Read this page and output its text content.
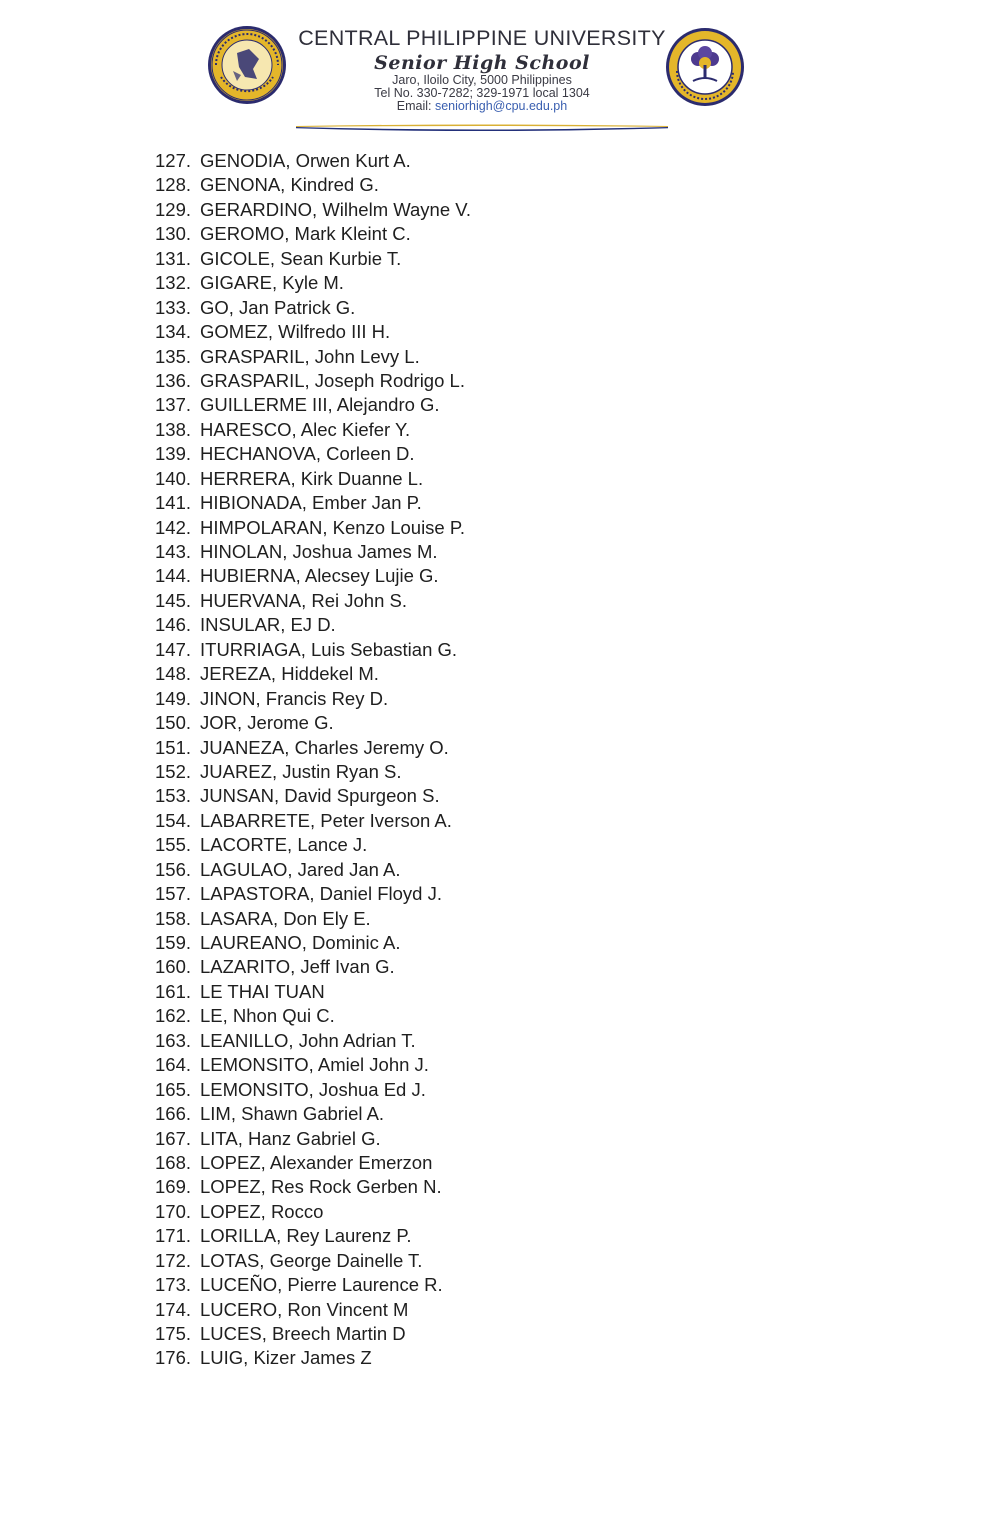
CENTRAL PHILIPPINE UNIVERSITY
Senior High School
Jaro, Iloilo City, 5000 Philippines
Tel No. 330-7282; 329-1971 local 1304
Email: seniorhigh@cpu.edu.ph
127. GENODIA, Orwen Kurt A.
128. GENONA, Kindred G.
129. GERARDINO, Wilhelm Wayne V.
130. GEROMO, Mark Kleint C.
131. GICOLE, Sean Kurbie T.
132. GIGARE, Kyle M.
133. GO, Jan Patrick G.
134. GOMEZ, Wilfredo III H.
135. GRASPARIL, John Levy L.
136. GRASPARIL, Joseph Rodrigo L.
137. GUILLERME III, Alejandro G.
138. HARESCO, Alec Kiefer Y.
139. HECHANOVA, Corleen D.
140. HERRERA, Kirk Duanne L.
141. HIBIONADA, Ember Jan P.
142. HIMPOLARAN, Kenzo Louise P.
143. HINOLAN, Joshua James M.
144. HUBIERNA, Alecsey Lujie G.
145. HUERVANA, Rei John S.
146. INSULAR, EJ D.
147. ITURRIAGA, Luis Sebastian G.
148. JEREZA, Hiddekel M.
149. JINON, Francis Rey D.
150. JOR, Jerome G.
151. JUANEZA, Charles Jeremy O.
152. JUAREZ, Justin Ryan S.
153. JUNSAN, David Spurgeon S.
154. LABARRETE, Peter Iverson A.
155. LACORTE, Lance J.
156. LAGULAO, Jared Jan A.
157. LAPASTORA, Daniel Floyd J.
158. LASARA, Don Ely E.
159. LAUREANO, Dominic A.
160. LAZARITO, Jeff Ivan G.
161. LE THAI TUAN
162. LE, Nhon Qui C.
163. LEANILLO, John Adrian T.
164. LEMONSITO, Amiel John J.
165. LEMONSITO, Joshua Ed J.
166. LIM, Shawn Gabriel A.
167. LITA, Hanz Gabriel G.
168. LOPEZ, Alexander Emerzon
169. LOPEZ, Res Rock Gerben N.
170. LOPEZ, Rocco
171. LORILLA, Rey Laurenz P.
172. LOTAS, George Dainelle T.
173. LUCEÑO, Pierre Laurence R.
174. LUCERO, Ron Vincent M
175. LUCES, Breech Martin D
176. LUIG, Kizer James Z
